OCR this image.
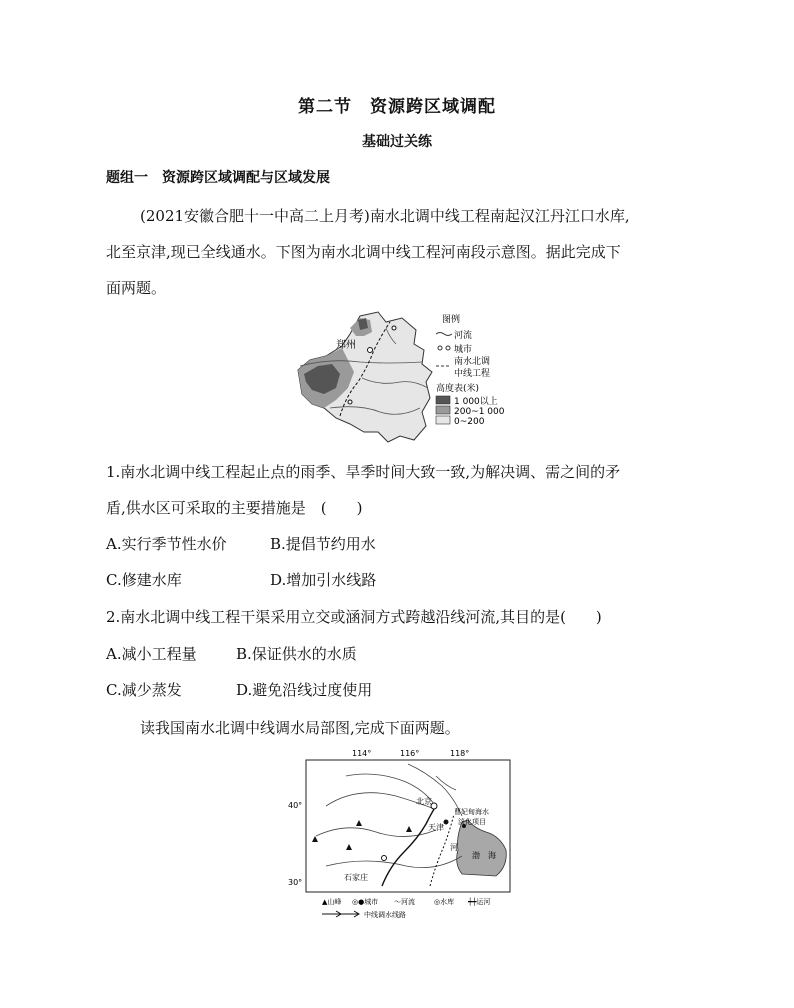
第二节　资源跨区域调配
基础过关练
题组一　资源跨区域调配与区域发展
(2021安徽合肥十一中高二上月考)南水北调中线工程南起汉江丹江口水库,
北至京津,现已全线通水。下图为南水北调中线工程河南段示意图。据此完成下
面两题。
郑州
图例
河流
城市
南水北调
中线工程
高度表(米)
1 000以上
200~1 000
0~200
1.南水北调中线工程起止点的雨季、旱季时间大致一致,为解决调、需之间的矛
盾,供水区可采取的主要措施是　(　　)
A.实行季节性水价	B.提倡节约用水
C.修建水库	D.增加引水线路
2.南水北调中线工程干渠采用立交或涵洞方式跨越沿线河流,其目的是(　　)
A.减小工程量	B.保证供水的水质
C.减少蒸发	D.避免沿线过度使用
读我国南水北调中线调水局部图,完成下面两题。
114°	116°	118°
40°
30°
北京
天津
曹妃甸海水
淡化项目
渤　海
石家庄
河
▲山峰 ◎●城市 ～河流	◎水库 ┿┿运河
中线调水线路
